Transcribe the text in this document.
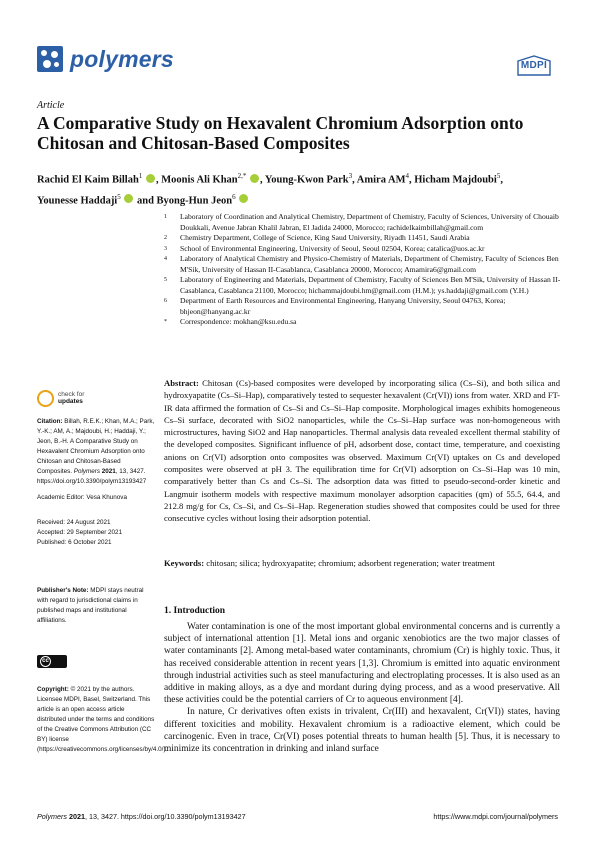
polymers	MDPI
Article
A Comparative Study on Hexavalent Chromium Adsorption onto Chitosan and Chitosan-Based Composites
Rachid El Kaim Billah$^1$ , Moonis Ali Khan$^{2,*}$ , Young-Kwon Park$^3$, Amira $AM^4$, Hicham Majdoubi$^5$,
Younesse Haddaji$^5$ and Byong-Hun Jeon$^6$
1 Laboratory of Coordination and Analytical Chemistry, Department of Chemistry, Faculty of Sciences, University of Chouaib Doukkali, Avenue Jabran Khalil Jabran, El Jadida 24000, Morocco; rachidelkaimbillah@gmail.com
2 Chemistry Department, College of Science, King Saud University, Riyadh 11451, Saudi Arabia
3 School of Environmental Engineering, University of Seoul, Seoul 02504, Korea; catalica@uos.ac.kr
4 Laboratory of Analytical Chemistry and Physico-Chemistry of Materials, Department of Chemistry, Faculty of Sciences Ben M'Sik, University of Hassan II-Casablanca, Casablanca 20000, Morocco; Amamira6@gmail.com
5 Laboratory of Engineering and Materials, Department of Chemistry, Faculty of Sciences Ben M'Sik, University of Hassan II-Casablanca, Casablanca 21100, Morocco; hichammajdoubi.hm@gmail.com (H.M.); ys.haddaji@gmail.com (Y.H.)
6 Department of Earth Resources and Environmental Engineering, Hanyang University, Seoul 04763, Korea; bhjeon@hanyang.ac.kr
* Correspondence: mokhan@ksu.edu.sa
check for
updates
Citation: Billah, R.E.K.; Khan, M.A.; Park, Y.-K.; AM, A.; Majdoubi, H.; Haddaji, Y.; Jeon, B.-H. A Comparative Study on Hexavalent Chromium Adsorption onto Chitosan and Chitosan-Based Composites. Polymers 2021, 13, 3427. https://doi.org/10.3390/polym13193427
Academic Editor: Vesa Khunova
Received: 24 August 2021
Accepted: 29 September 2021
Published: 6 October 2021
Publisher's Note: MDPI stays neutral with regard to jurisdictional claims in published maps and institutional affiliations.
cc
Copyright: © 2021 by the authors. Licensee MDPI, Basel, Switzerland. This article is an open access article distributed under the terms and conditions of the Creative Commons Attribution (CC BY) license (https://creativecommons.org/licenses/by/4.0/).
Abstract: Chitosan (Cs)-based composites were developed by incorporating silica (Cs–Si), and both silica and hydroxyapatite (Cs–Si–Hap), comparatively tested to sequester hexavalent (Cr(VI)) ions from water. XRD and FT-IR data affirmed the formation of Cs–Si and Cs–Si–Hap composite. Morphological images exhibits homogeneous Cs–Si surface, decorated with SiO2 nanoparticles, while the Cs–Si–Hap surface was non-homogeneous with microstructures, having SiO2 and Hap nanoparticles. Thermal analysis data revealed excellent thermal stability of the developed composites. Significant influence of pH, adsorbent dose, contact time, temperature, and coexisting anions on Cr(VI) adsorption onto composites was observed. Maximum Cr(VI) uptakes on Cs and developed composites were observed at pH 3. The equilibration time for Cr(VI) adsorption on Cs–Si–Hap was 10 min, comparatively better than Cs and Cs–Si. The adsorption data was fitted to pseudo-second-order kinetic and Langmuir isotherm models with respective maximum monolayer adsorption capacities (qm) of 55.5, 64.4, and 212.8 mg/g for Cs, Cs–Si, and Cs–Si–Hap. Regeneration studies showed that composites could be used for three consecutive cycles without losing their adsorption potential.
Keywords: chitosan; silica; hydroxyapatite; chromium; adsorbent regeneration; water treatment
1. Introduction

Water contamination is one of the most important global environmental concerns and is currently a subject of international attention [1]. Metal ions and organic xenobiotics are the two major classes of water contaminants [2]. Among metal-based water contaminants, chromium (Cr) is highly toxic. Thus, it has received considerable attention in recent years [1,3]. Chromium is emitted into aquatic environment through industrial activities such as steel manufacturing and electroplating processes. It is also used as an additive in making alloys, as a dye and mordant during dying process, and as a wood preservative. All these activities could be the potential carriers of Cr to aqueous environment [4].

In nature, Cr derivatives often exists in trivalent, Cr(III) and hexavalent, Cr(VI)) states, having different toxicities and mobility. Hexavalent chromium is a radioactive element, which could be carcinogenic. Even in trace, Cr(VI) poses potential threats to human health [5]. Thus, it is necessary to minimize its concentration in drinking and inland surface

Polymers 2021, 13, 3427. https://doi.org/10.3390/polym13193427	https://www.mdpi.com/journal/polymers
